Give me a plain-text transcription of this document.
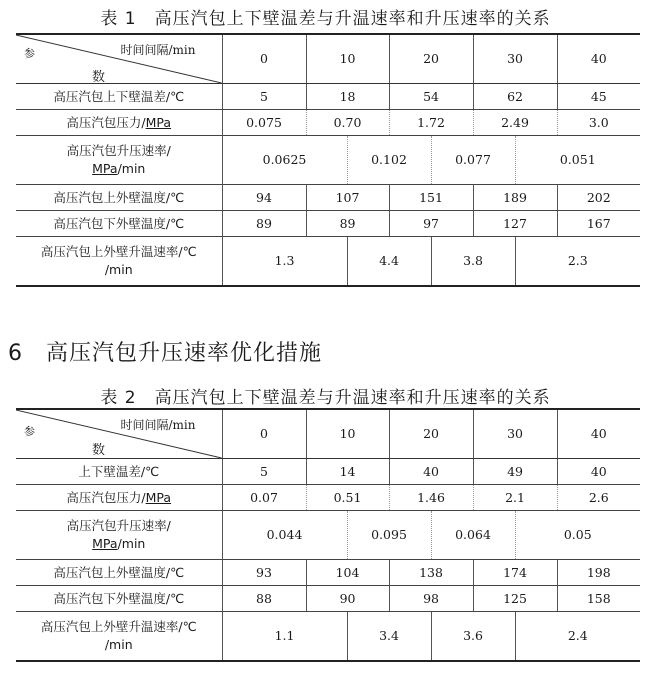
表 1　高压汽包上下壁温差与升温速率和升压速率的关系
时间间隔/min
参
数	0	10		20		30		40
高压汽包上下壁温差/℃	5	18		54		62		45
高压汽包压力/MPa	0.075	0.70		1.72		2.49		3.0
高压汽包升压速率/
MPa/min	0.0625		0.102		0.077		0.051	
高压汽包上外壁温度/℃	94	107		151		189		202
高压汽包下外壁温度/℃	89	89		97		127		167
高压汽包上外壁升温速率/℃
/min	1.3		4.4		3.8		2.3	
6　高压汽包升压速率优化措施
表 2　高压汽包上下壁温差与升温速率和升压速率的关系
时间间隔/min
参
数	0	10		20		30		40
上下壁温差/℃	5	14		40		49		40
高压汽包压力/MPa	0.07	0.51		1.46		2.1		2.6
高压汽包升压速率/
MPa/min	0.044		0.095		0.064		0.05	
高压汽包上外壁温度/℃	93	104		138		174		198
高压汽包下外壁温度/℃	88	90		98		125		158
高压汽包上外壁升温速率/℃
/min	1.1		3.4		3.6		2.4	
